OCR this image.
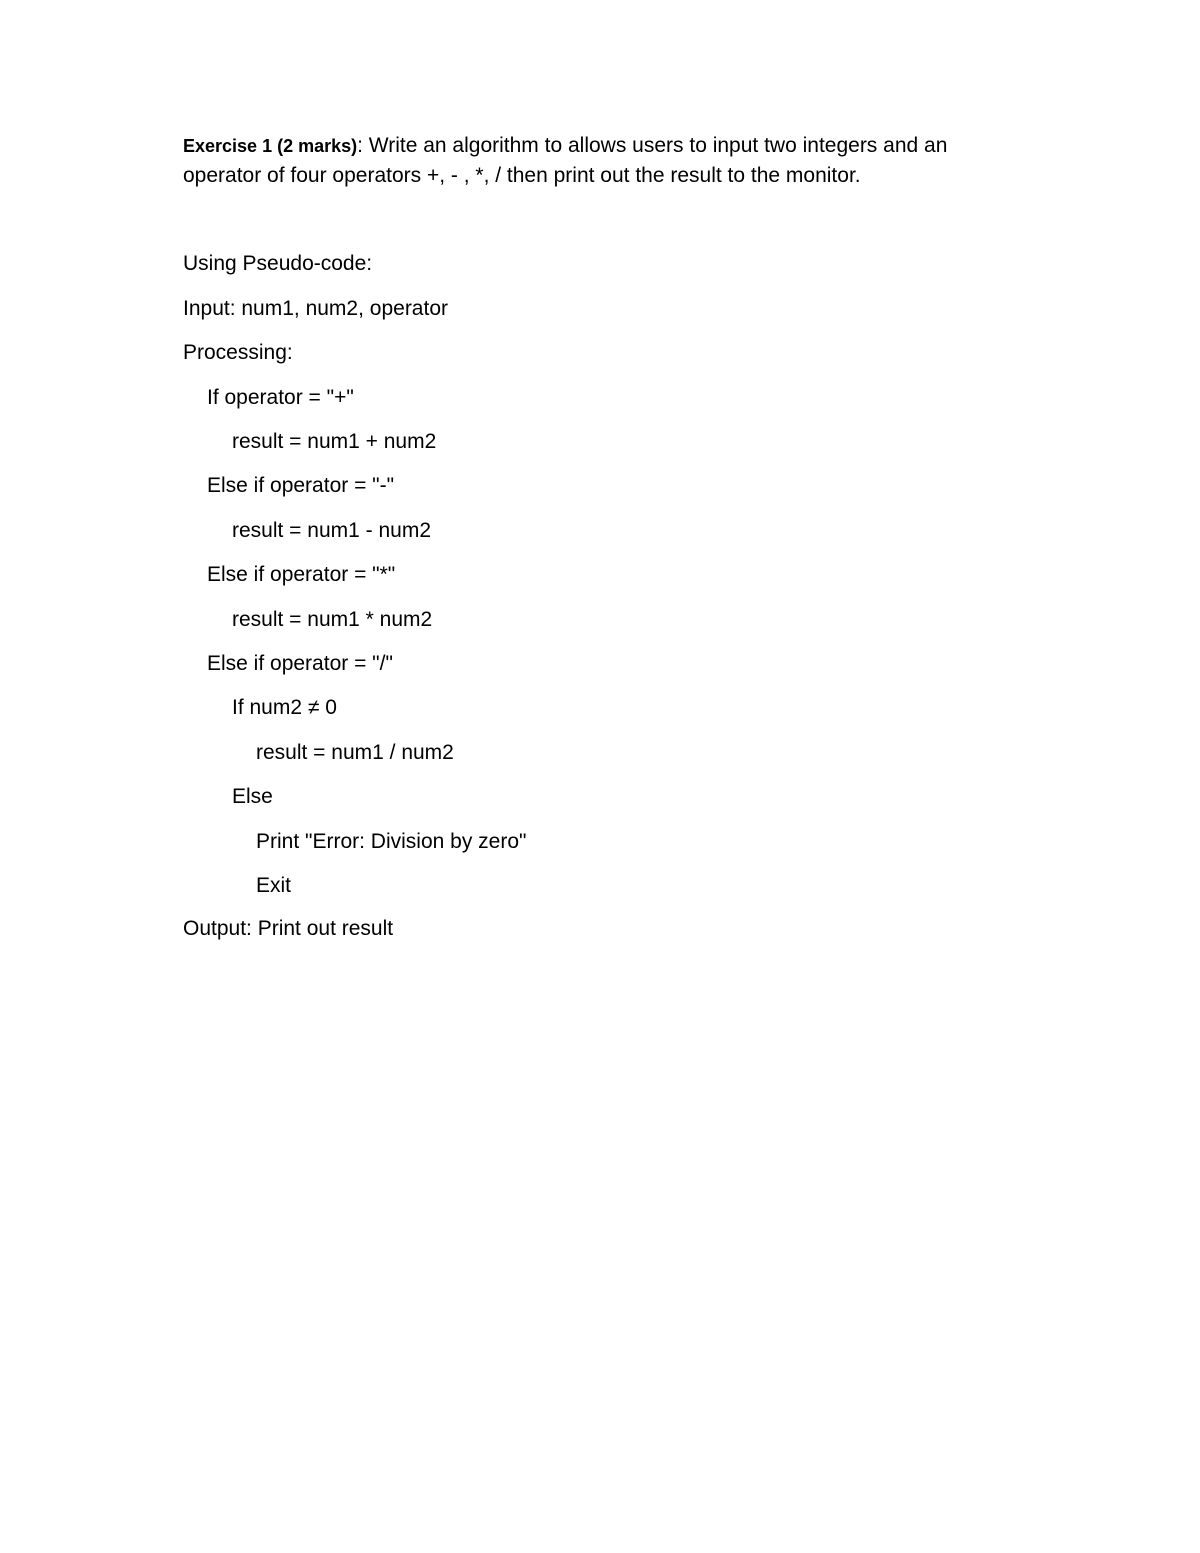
Exercise 1 (2 marks): Write an algorithm to allows users to input two integers and an operator of four operators +, - , *, / then print out the result to the monitor.
Using Pseudo-code:
Input: num1, num2, operator
Processing:
If operator = "+"
result = num1 + num2
Else if operator = "-"
result = num1 - num2
Else if operator = "*"
result = num1 * num2
Else if operator = "/"
If num2 ≠ 0
result = num1 / num2
Else
Print "Error: Division by zero"
Exit
Output: Print out result
